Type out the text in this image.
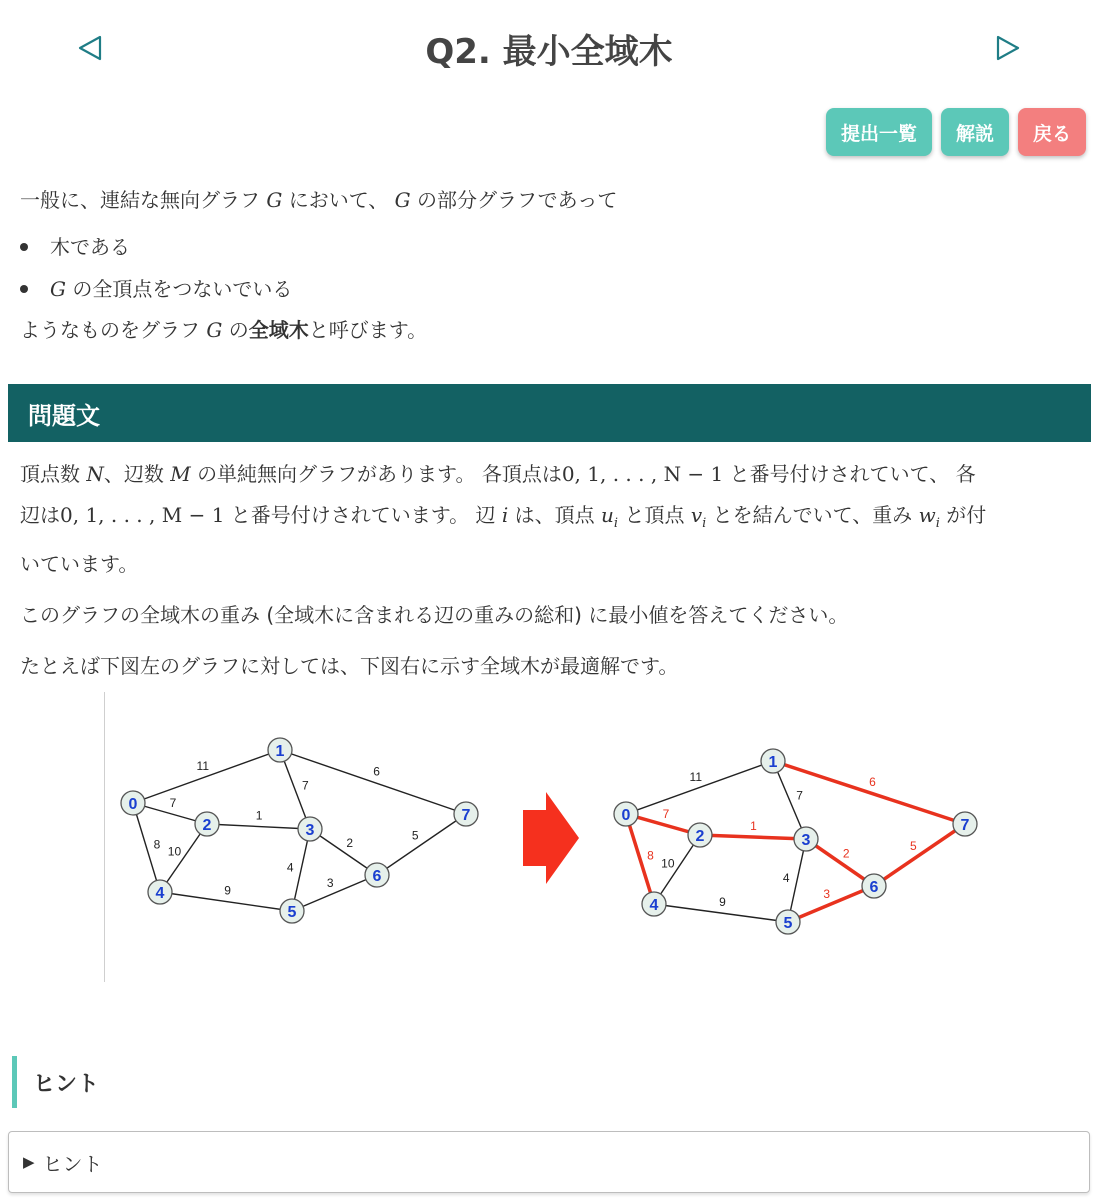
Q2. 最小全域木
提出一覧	解説	戻る
一般に、連結な無向グラフ G において、 G の部分グラフであって
木である
G の全頂点をつないでいる
ようなものをグラフ G の全域木と呼びます。
問題文

頂点数 N、辺数 M の単純無向グラフがあります。 各頂点は0, 1, . . . , N − 1 と番号付けされていて、 各
辺は0, 1, . . . , M − 1 と番号付けされています。 辺 i は、頂点 $u_i$ と頂点 $v_i$ とを結んでいて、重み $w_i$ が付
いています。

このグラフの全域木の重み (全域木に含まれる辺の重みの総和) に最小値を答えてください。

たとえば下図左のグラフに対しては、下図右に示す全域木が最適解です。

11
7
8
7
6
1
10
4
2
9
3
5
0
1
2	3
4
5
6
7
11
7
8
7
6
1
10
4
2
9
3
5
0
1
2	3
4
5
6
7
ヒント
▶ ヒント
